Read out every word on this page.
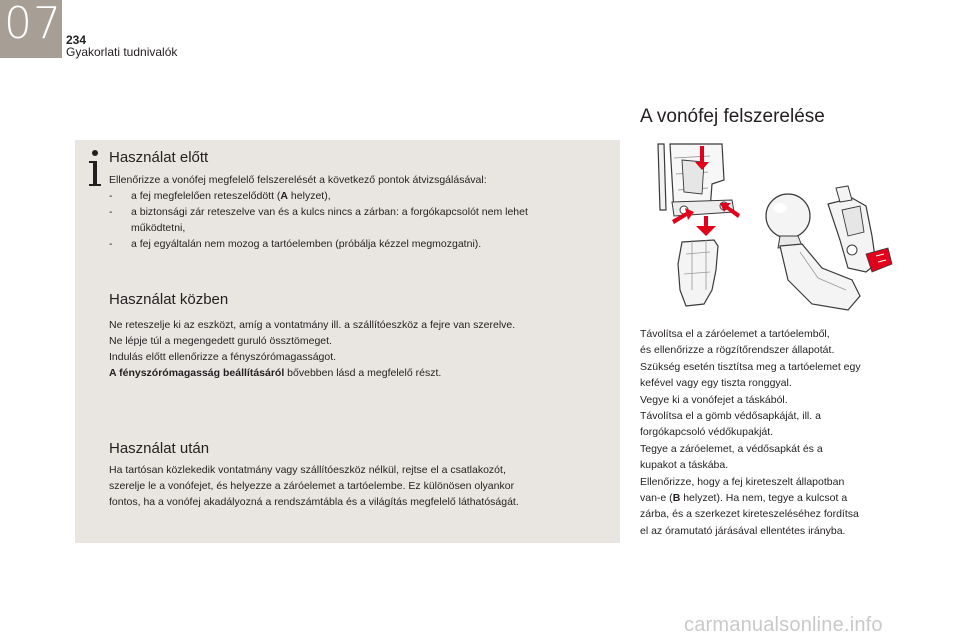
07 234
Gyakorlati tudnivalók
Használat előtt
Ellenőrizze a vonófej megfelelő felszerelését a következő pontok átvizsgálásával:
- a fej megfelelően reteszelődött (A helyzet),
- a biztonsági zár reteszelve van és a kulcs nincs a zárban: a forgókapcsolót nem lehet
működtetni,
- a fej egyáltalán nem mozog a tartóelemben (próbálja kézzel megmozgatni).
Használat közben
Ne reteszelje ki az eszközt, amíg a vontatmány ill. a szállítóeszköz a fejre van szerelve.
Ne lépje túl a megengedett guruló össztömeget.
Indulás előtt ellenőrizze a fényszórómagasságot.
A fényszórómagasság beállításáról bővebben lásd a megfelelő részt.
Használat után
Ha tartósan közlekedik vontatmány vagy szállítóeszköz nélkül, rejtse el a csatlakozót,
szerelje le a vonófejet, és helyezze a záróelemet a tartóelembe. Ez különösen olyankor
fontos, ha a vonófej akadályozná a rendszámtábla és a világítás megfelelő láthatóságát.
A vonófej felszerelése
Távolítsa el a záróelemet a tartóelemből,
és ellenőrizze a rögzítőrendszer állapotát.
Szükség esetén tisztítsa meg a tartóelemet egy
kefével vagy egy tiszta ronggyal.
Vegye ki a vonófejet a táskából.
Távolítsa el a gömb védősapkáját, ill. a
forgókapcsoló védőkupakját.
Tegye a záróelemet, a védősapkát és a
kupakot a táskába.
Ellenőrizze, hogy a fej kireteszelt állapotban
van-e (B helyzet). Ha nem, tegye a kulcsot a
zárba, és a szerkezet kireteszeléséhez fordítsa
el az óramutató járásával ellentétes irányba.
carmanualsonline.info
